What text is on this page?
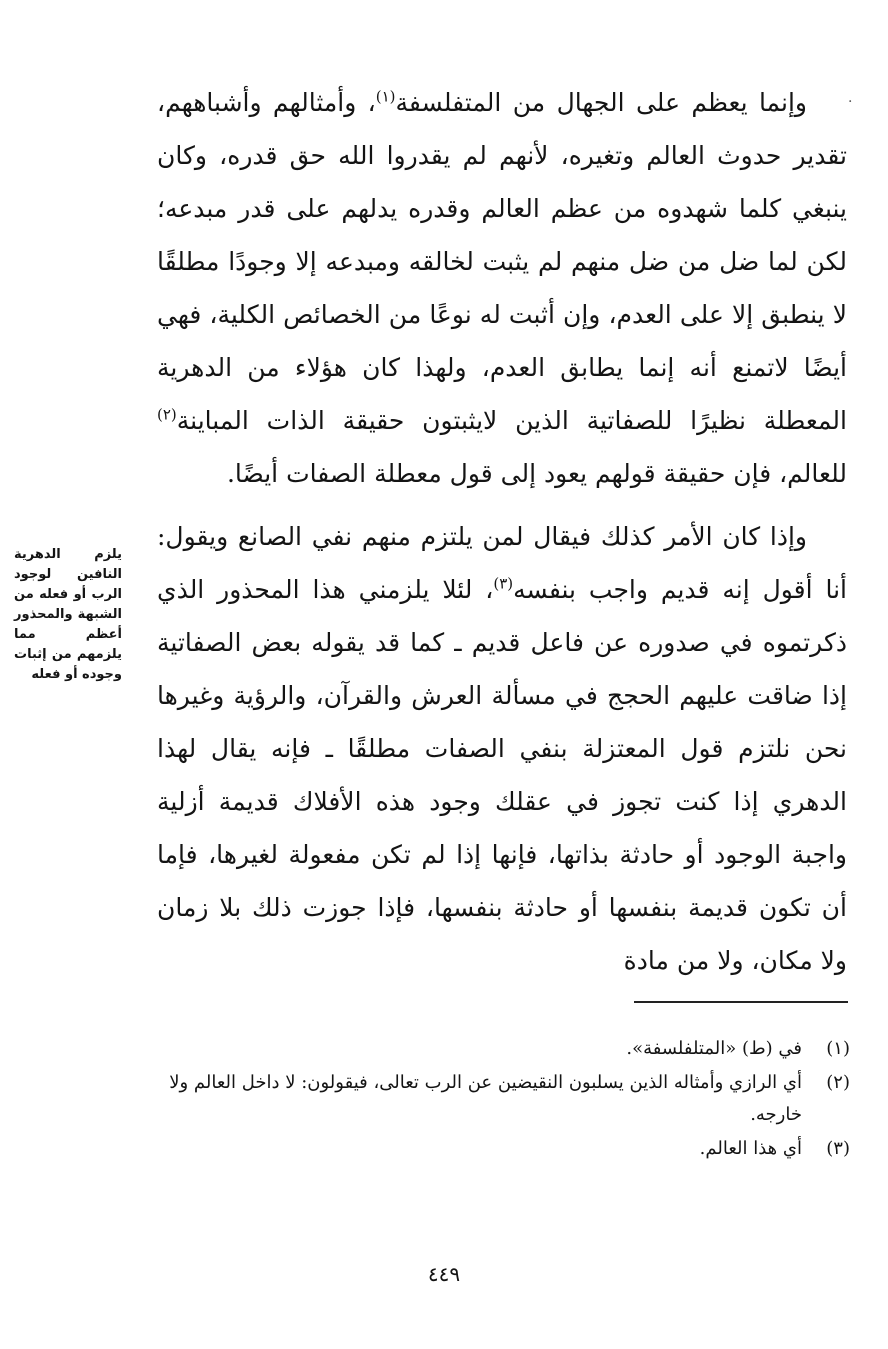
·

وإنما يعظم على الجهال من المتفلسفة$^{(١)}$، وأمثالهم وأشباههم، تقدير حدوث العالم وتغيره، لأنهم لم يقدروا الله حق قدره، وكان ينبغي كلما شهدوه من عظم العالم وقدره يدلهم على قدر مبدعه؛ لكن لما ضل من ضل منهم لم يثبت لخالقه ومبدعه إلا وجودًا مطلقًا لا ينطبق إلا على العدم، وإن أثبت له نوعًا من الخصائص الكلية، فهي أيضًا لاتمنع أنه إنما يطابق العدم، ولهذا كان هؤلاء من الدهرية المعطلة نظيرًا للصفاتية الذين لايثبتون حقيقة الذات المباينة$^{(٢)}$ للعالم، فإن حقيقة قولهم يعود إلى قول معطلة الصفات أيضًا.

وإذا كان الأمر كذلك فيقال لمن يلتزم منهم نفي الصانع ويقول: أنا أقول إنه قديم واجب بنفسه$^{(٣)}$، لئلا يلزمني هذا المحذور الذي ذكرتموه في صدوره عن فاعل قديم ـ كما قد يقوله بعض الصفاتية إذا ضاقت عليهم الحجج في مسألة العرش والقرآن، والرؤية وغيرها نحن نلتزم قول المعتزلة بنفي الصفات مطلقًا ـ فإنه يقال لهذا الدهري إذا كنت تجوز في عقلك وجود هذه الأفلاك قديمة أزلية واجبة الوجود أو حادثة بذاتها، فإنها إذا لم تكن مفعولة لغيرها، فإما أن تكون قديمة بنفسها أو حادثة بنفسها، فإذا جوزت ذلك بلا زمان ولا مكان، ولا من مادة

يلزم الدهرية النافين لوجود الرب أو فعله من الشبهة والمحذور أعظم مما يلزمهم من إثبات وجوده أو فعله
(١)
في (ط) «المتلفلسفة».
(٢)
أي الرازي وأمثاله الذين يسلبون النقيضين عن الرب تعالى، فيقولون: لا داخل العالم ولا خارجه.
(٣)
أي هذا العالم.
٤٤٩
